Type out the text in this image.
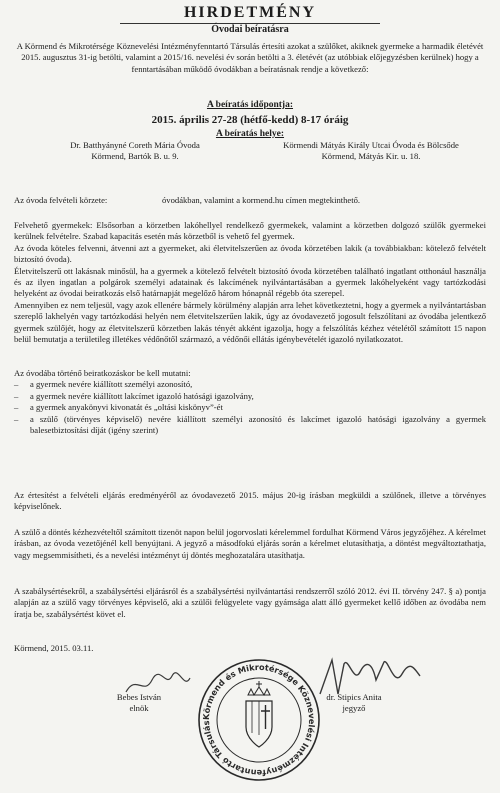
HIRDETMÉNY
Óvodai beíratásra
A Körmend és Mikrotérsége Köznevelési Intézményfenntartó Társulás értesíti azokat a szülőket, akiknek gyermeke a harmadik életévét 2015. augusztus 31-ig betölti, valamint a 2015/16. nevelési év során betölti a 3. életévét (az utóbbiak előjegyzésben kerülnek) hogy a fenntartásában működő óvodákban a beíratásnak rendje a következő:
A beíratás időpontja:
2015. április 27-28 (hétfő-kedd) 8-17 óráig
A beíratás helye:
Dr. Batthyányné Coreth Mária Óvoda
Körmend, Bartók B. u. 9.
Körmendi Mátyás Király Utcai Óvoda és Bölcsőde
Körmend, Mátyás Kir. u. 18.
Az óvoda felvételi körzete:	óvodákban, valamint a kormend.hu címen megtekinthető.
Felvehető gyermekek: Elsősorban a körzetben lakóhellyel rendelkező gyermekek, valamint a körzetben dolgozó szülők gyermekei kerülnek felvételre. Szabad kapacitás esetén más körzetből is vehető fel gyermek.
Az óvoda köteles felvenni, átvenni azt a gyermeket, aki életvitelszerűen az óvoda körzetében lakik (a továbbiakban: kötelező felvételt biztosító óvoda).
Életvitelszerű ott lakásnak minősül, ha a gyermek a kötelező felvételt biztosító óvoda körzetében található ingatlant otthonául használja és az ilyen ingatlan a polgárok személyi adatainak és lakcímének nyilvántartásában a gyermek lakóhelyeként vagy tartózkodási helyeként az óvodai beiratkozás első határnapját megelőző három hónapnál régebb óta szerepel.
Amennyiben ez nem teljesül, vagy azok ellenére bármely körülmény alapján arra lehet következtetni, hogy a gyermek a nyilvántartásban szereplő lakhelyén vagy tartózkodási helyén nem életvitelszerűen lakik, úgy az óvodavezető jogosult felszólítani az óvodába jelentkező gyermek szülőjét, hogy az életvitelszerű körzetben lakás tényét akként igazolja, hogy a felszólítás kézhez vételétől számított 15 napon belül bemutatja a területileg illetékes védőnőtől származó, a védőnői ellátás igénybevételét igazoló nyilatkozatot.
Az óvodába történő beiratkozáskor be kell mutatni:
–	a gyermek nevére kiállított személyi azonosító,
–	a gyermek nevére kiállított lakcímet igazoló hatósági igazolvány,
–	a gyermek anyakönyvi kivonatát és „oltási kiskönyv”-ét
–	a szülő (törvényes képviselő) nevére kiállított személyi azonosító és lakcímet igazoló hatósági igazolvány a gyermek balesetbiztosítási díját (igény szerint)
Az értesítést a felvételi eljárás eredményéről az óvodavezető 2015. május 20-ig írásban megküldi a szülőnek, illetve a törvényes képviselőnek.
A szülő a döntés kézhezvételtől számított tizenöt napon belül jogorvoslati kérelemmel fordulhat Körmend Város jegyzőjéhez. A kérelmet írásban, az óvoda vezetőjénél kell benyújtani. A jegyző a másodfokú eljárás során a kérelmet elutasíthatja, a döntést megváltoztathatja, vagy megsemmisítheti, és a nevelési intézményt új döntés meghozatalára utasíthatja.
A szabálysértésekről, a szabálysértési eljárásról és a szabálysértési nyilvántartási rendszerről szóló 2012. évi II. törvény 247. § a) pontja alapján az a szülő vagy törvényes képviselő, aki a szülői felügyelete vagy gyámsága alatt álló gyermeket kellő időben az óvodába nem íratja be, szabálysértést követ el.
Körmend, 2015. 03.11.
Bebes István
elnök
dr. Stipics Anita
jegyző
Körmend és Mikrotérsége Köznevelési Intézményfenntartó Társulás
